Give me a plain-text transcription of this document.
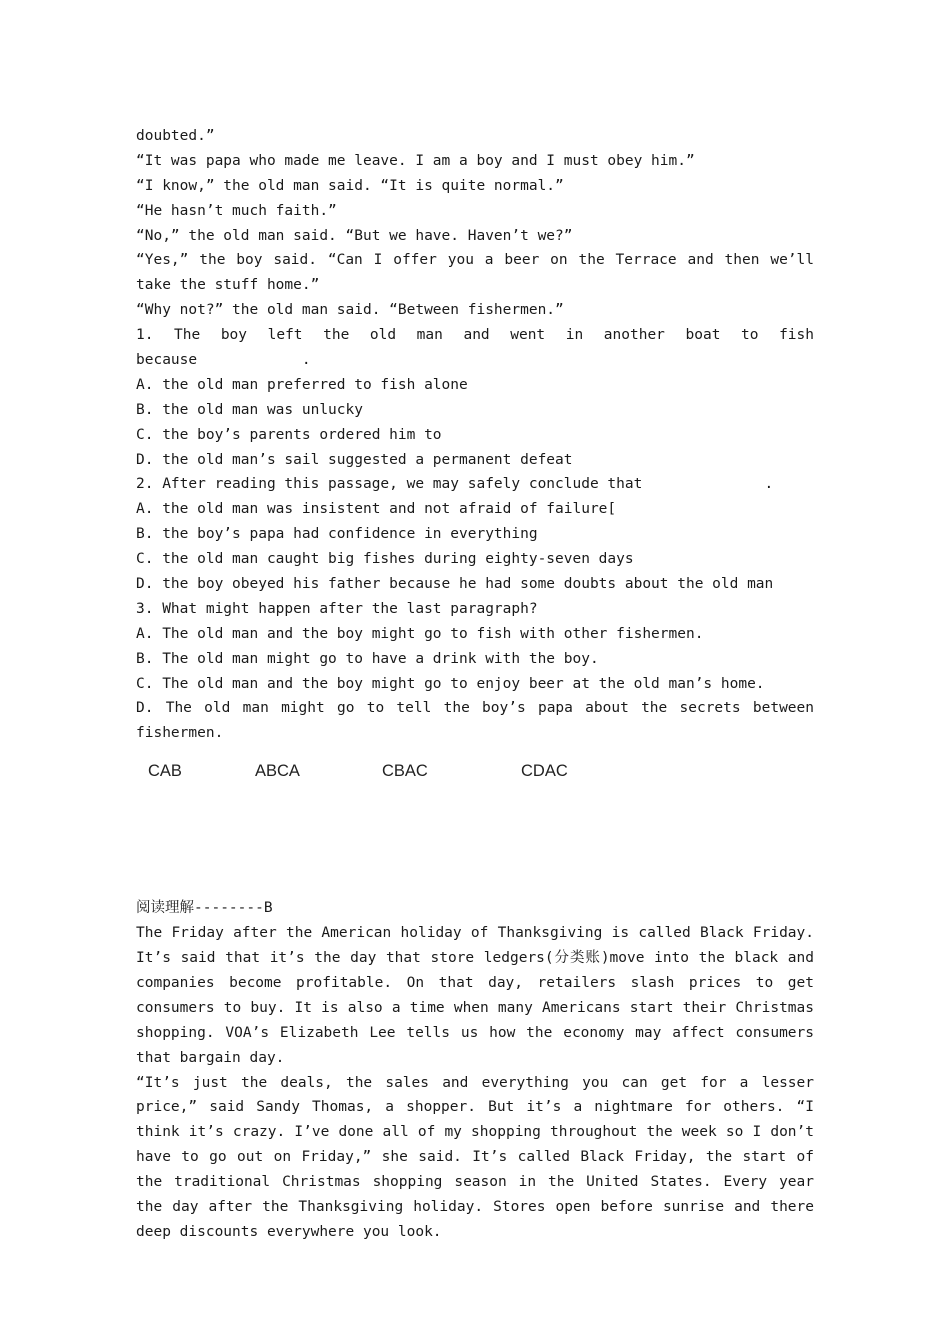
doubted.”
“It was papa who made me leave. I am a boy and I must obey him.”
“I know,” the old man said. “It is quite normal.”
“He hasn’t much faith.”
“No,” the old man said. “But we have. Haven’t we?”
“Yes,” the boy said. “Can I offer you a beer on the Terrace and then we’ll
take the stuff home.”
“Why not?” the old man said. “Between fishermen.”
1. The boy left the old man and went in another boat to fish
because            .
A. the old man preferred to fish alone
B. the old man was unlucky
C. the boy’s parents ordered him to
D. the old man’s sail suggested a permanent defeat
2. After reading this passage, we may safely conclude that              .
A. the old man was insistent and not afraid of failure[
B. the boy’s papa had confidence in everything
C. the old man caught big fishes during eighty-seven days
D. the boy obeyed his father because he had some doubts about the old man
3. What might happen after the last paragraph?
A. The old man and the boy might go to fish with other fishermen.
B. The old man might go to have a drink with the boy.
C. The old man and the boy might go to enjoy beer at the old man’s home.
D. The old man might go to tell the boy’s papa about the secrets between
fishermen.
CAB	ABCA	CBAC	CDAC
阅读理解--------B
The Friday after the American holiday of Thanksgiving is called Black Friday.
It’s said that it’s the day that store ledgers(分类账)move into the black and
companies become profitable. On that day, retailers slash prices to get
consumers to buy. It is also a time when many Americans start their Christmas
shopping. VOA’s Elizabeth Lee tells us how the economy may affect consumers
that bargain day.
“It’s just the deals, the sales and everything you can get for a lesser
price,” said Sandy Thomas, a shopper. But it’s a nightmare for others. “I
think it’s crazy. I’ve done all of my shopping throughout the week so I don’t
have to go out on Friday,” she said. It’s called Black Friday, the start of
the traditional Christmas shopping season in the United States. Every year
the day after the Thanksgiving holiday. Stores open before sunrise and there
deep discounts everywhere you look.
